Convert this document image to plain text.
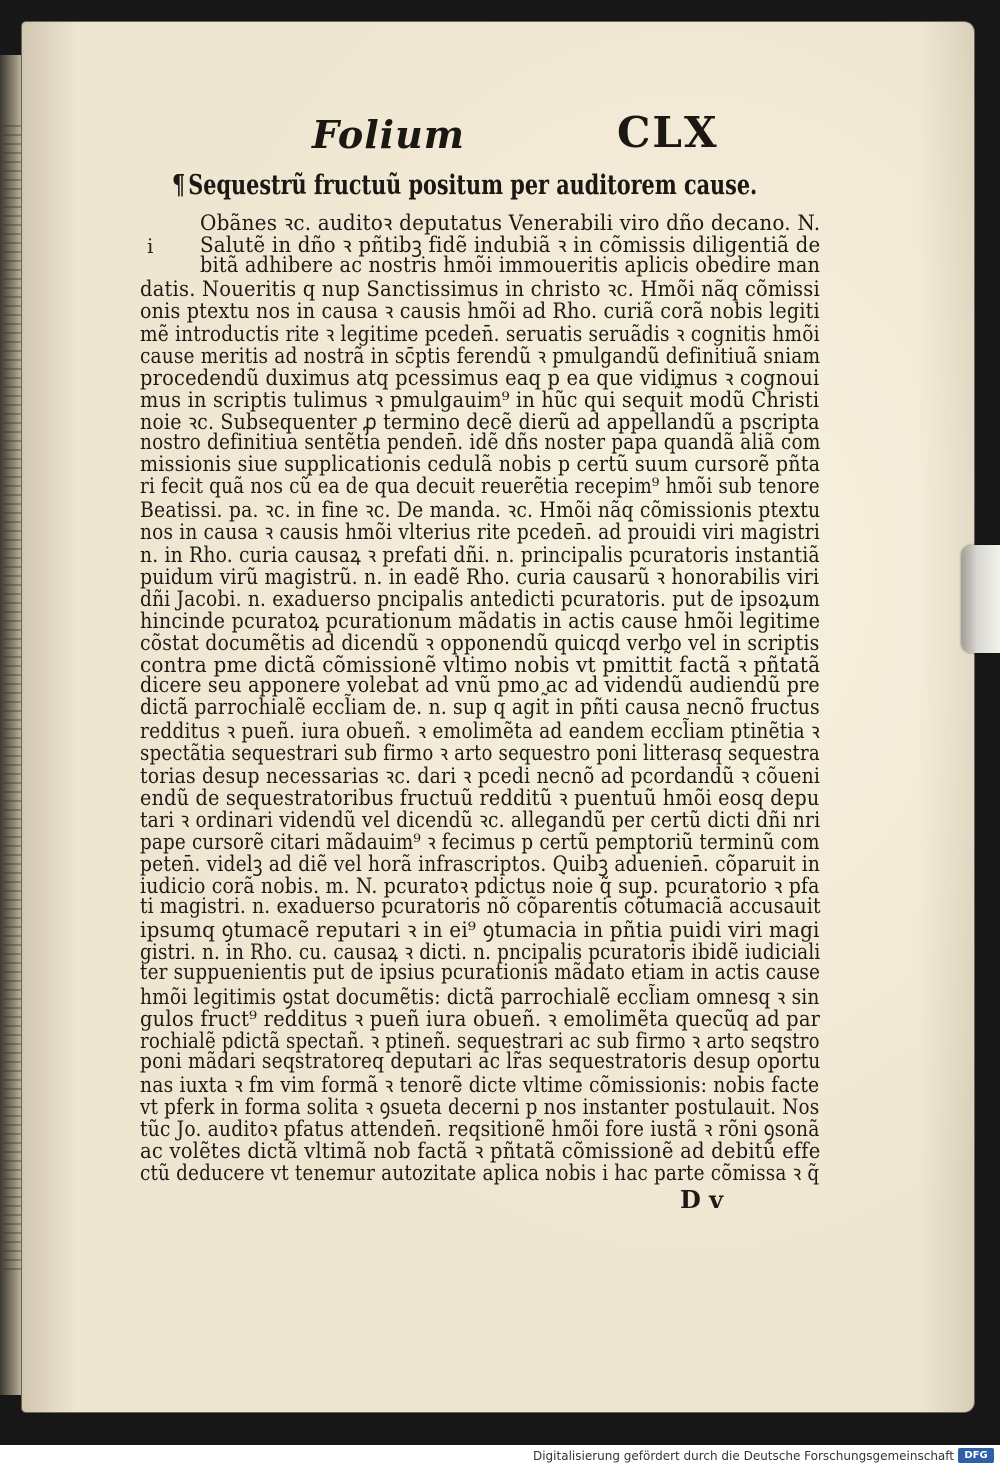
Folium	CLX
¶ Sequestrũ fructuũ positum per auditorem cause.
i
Obãnes ꝛc. auditoꝛ deputatus Venerabili viro dño decano. N.
Salutẽ in dño ꝛ pñtibꝫ fidẽ indubiã ꝛ in cõmissis diligentiã de
bitã adhibere ac nostris hmõi immoueritis aplicis obedire man
datis. Noueritis q nup Sanctissimus in christo ꝛc. Hmõi nãq cõmissi
onis ptextu nos in causa ꝛ causis hmõi ad Rho. curiã corã nobis legiti
mẽ introductis rite ꝛ legitime pceden̄. seruatis seruãdis ꝛ cognitis hmõi
cause meritis ad nostrã in sc̄ptis ferendũ ꝛ pmulgandũ definitiuã sniam
procedendũ duximus atq pcessimus eaq p ea que vidimus ꝛ cognoui
mus in scriptis tulimus ꝛ pmulgauim⁹ in hũc qui sequit̃ modũ Christi
noie ꝛc. Subsequenter ꝓ termino decẽ dierũ ad appellandũ a pscripta
nostro definitiua sentẽtia penden̄. idẽ dñs noster papa quandã aliã com
missionis siue supplicationis cedulã nobis p certũ suum cursorẽ pñta
ri fecit quã nos cũ ea de qua decuit reuerẽtia recepim⁹ hmõi sub tenore
Beatissi. pa. ꝛc. in fine ꝛc. De manda. ꝛc. Hmõi nãq cõmissionis ptextu
nos in causa ꝛ causis hmõi vlterius rite pceden̄. ad prouidi viri magistri
n. in Rho. curia causaꝝ ꝛ prefati dñi. n. principalis pcuratoris instantiã
puidum virũ magistrũ. n. in eadẽ Rho. curia causarũ ꝛ honorabilis viri
dñi Jacobi. n. exaduerso pncipalis antedicti pcuratoris. put de ipsoꝝum
hincinde pcuratoꝝ pcurationum mãdatis in actis cause hmõi legitime
cõstat documẽtis ad dicendũ ꝛ opponendũ quicqd verbo vel in scriptis
contra pme dictã cõmissionẽ vltimo nobis vt pmittit̃ factã ꝛ pñtatã
dicere seu apponere volebat ad vnũ pmo ac ad videndũ audiendũ pre
dictã parrochialẽ eccl̃iam de. n. sup q agit̃ in pñti causa necnõ fructus
redditus ꝛ pueñ. iura obueñ. ꝛ emolimẽta ad eandem eccl̃iam ptinẽtia ꝛ
spectãtia sequestrari sub firmo ꝛ arto sequestro poni litterasq sequestra
torias desup necessarias ꝛc. dari ꝛ pcedi necnõ ad pcordandũ ꝛ cõueni
endũ de sequestratoribus fructuũ redditũ ꝛ puentuũ hmõi eosq depu
tari ꝛ ordinari videndũ vel dicendũ ꝛc. allegandũ per certũ dicti dñi nri
pape cursorẽ citari mãdauim⁹ ꝛ fecimus p certũ pemptoriũ terminũ com
peten̄. videlꝫ ad diẽ vel horã infrascriptos. Quibꝫ aduenien̄. cõparuit in
iudicio corã nobis. m. N. pcuratoꝛ pdictus noie q̃ sup. pcuratorio ꝛ pfa
ti magistri. n. exaduerso pcuratoris nõ cõparentis cõtumaciã accusauit
ipsumq ꝯtumacẽ reputari ꝛ in ei⁹ ꝯtumacia in pñtia puidi viri magi
gistri. n. in Rho. cu. causaꝝ ꝛ dicti. n. pncipalis pcuratoris ibidẽ iudiciali
ter suppuenientis put de ipsius pcurationis mãdato etiam in actis cause
hmõi legitimis ꝯstat documẽtis: dictã parrochialẽ eccl̃iam omnesq ꝛ sin
gulos fruct⁹ redditus ꝛ pueñ iura obueñ. ꝛ emolimẽta quecũq ad par
rochialẽ pdictã spectañ. ꝛ ptineñ. sequestrari ac sub firmo ꝛ arto seqstro
poni mãdari seqstratoreq deputari ac lr̃as sequestratoris desup oportu
nas iuxta ꝛ fm vim formã ꝛ tenorẽ dicte vltime cõmissionis: nobis facte
vt pferk in forma solita ꝛ ꝯsueta decerni p nos instanter postulauit. Nos
tũc Jo. auditoꝛ pfatus attenden̄. reqsitionẽ hmõi fore iustã ꝛ rõni ꝯsonã
ac volẽtes dictã vltimã nob factã ꝛ pñtatã cõmissionẽ ad debitũ effe
ctũ deducere vt tenemur autozitate aplica nobis i hac parte cõmissa ꝛ q̃
D v
Digitalisierung gefördert durch die Deutsche Forschungsgemeinschaft	DFG
